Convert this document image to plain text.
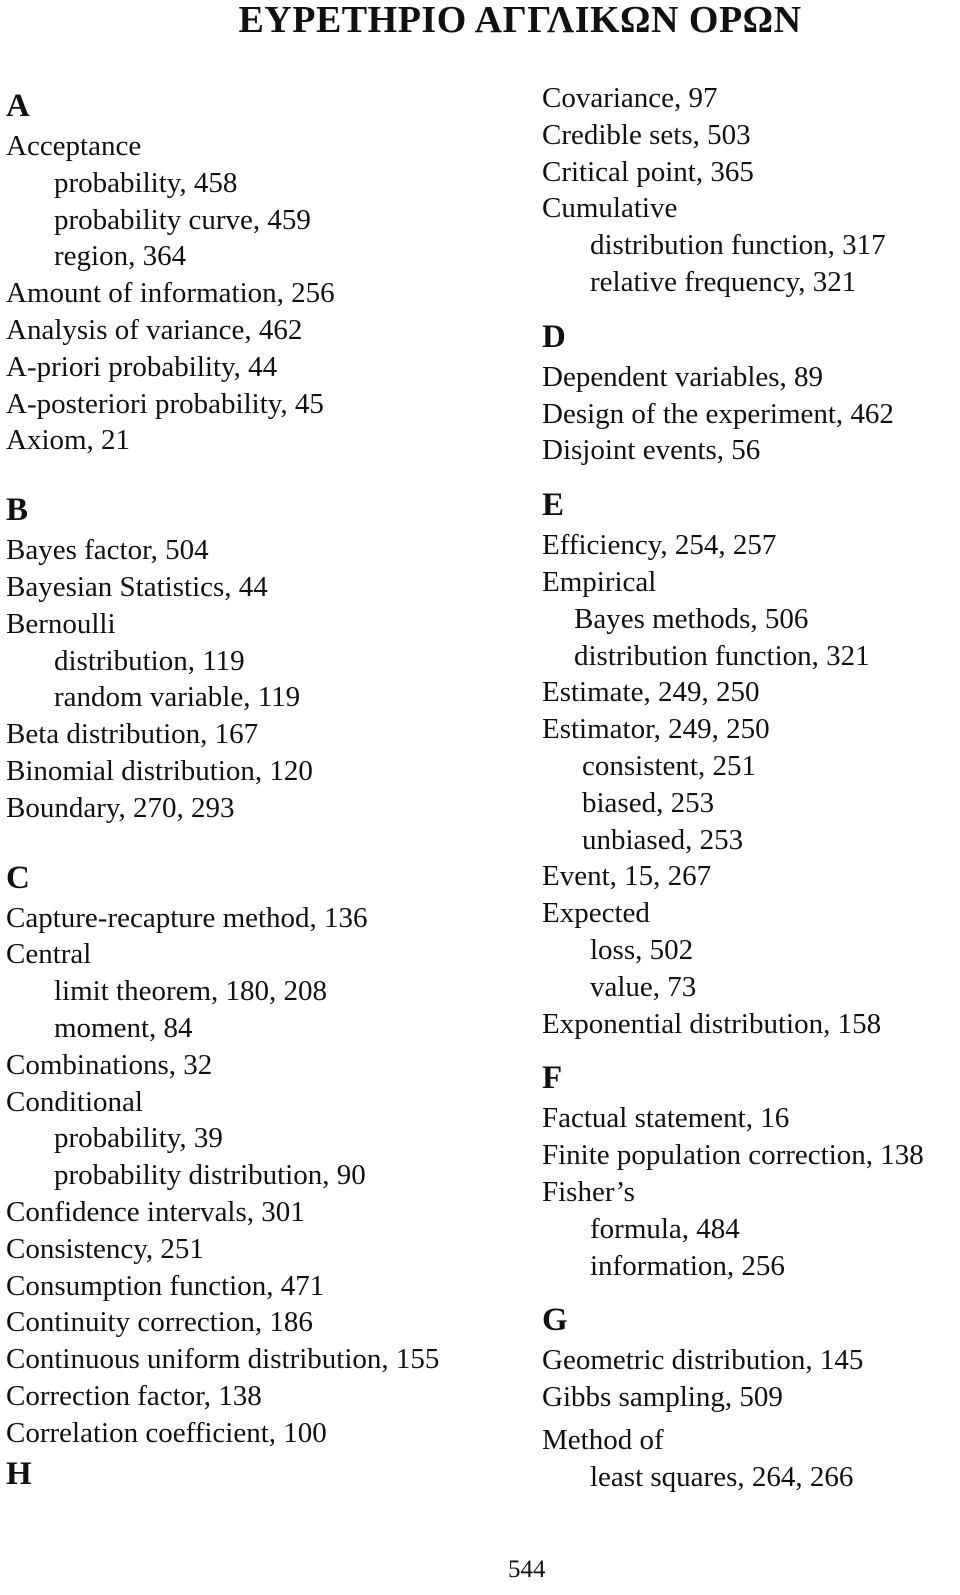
ΕΥΡΕΤΗΡΙΟ ΑΓΓΛΙΚΩΝ ΟΡΩΝ
A
Acceptance
probability, 458
probability curve, 459
region, 364
Amount of information, 256
Analysis of variance, 462
A-priori probability, 44
A-posteriori probability, 45
Axiom, 21
B
Bayes factor, 504
Bayesian Statistics, 44
Bernoulli
distribution, 119
random variable, 119
Beta distribution, 167
Binomial distribution, 120
Boundary, 270, 293
C
Capture-recapture method, 136
Central
limit theorem, 180, 208
moment, 84
Combinations, 32
Conditional
probability, 39
probability distribution, 90
Confidence intervals, 301
Consistency, 251
Consumption function, 471
Continuity correction, 186
Continuous uniform distribution, 155
Correction factor, 138
Correlation coefficient, 100
H
Covariance, 97
Credible sets, 503
Critical point, 365
Cumulative
distribution function, 317
relative frequency, 321
D
Dependent variables, 89
Design of the experiment, 462
Disjoint events, 56
E
Efficiency, 254, 257
Empirical
Bayes methods, 506
distribution function, 321
Estimate, 249, 250
Estimator, 249, 250
consistent, 251
biased, 253
unbiased, 253
Event, 15, 267
Expected
loss, 502
value, 73
Exponential distribution, 158
F
Factual statement, 16
Finite population correction, 138
Fisher’s
formula, 484
information, 256
G
Geometric distribution, 145
Gibbs sampling, 509
Method of
least squares, 264, 266
544
